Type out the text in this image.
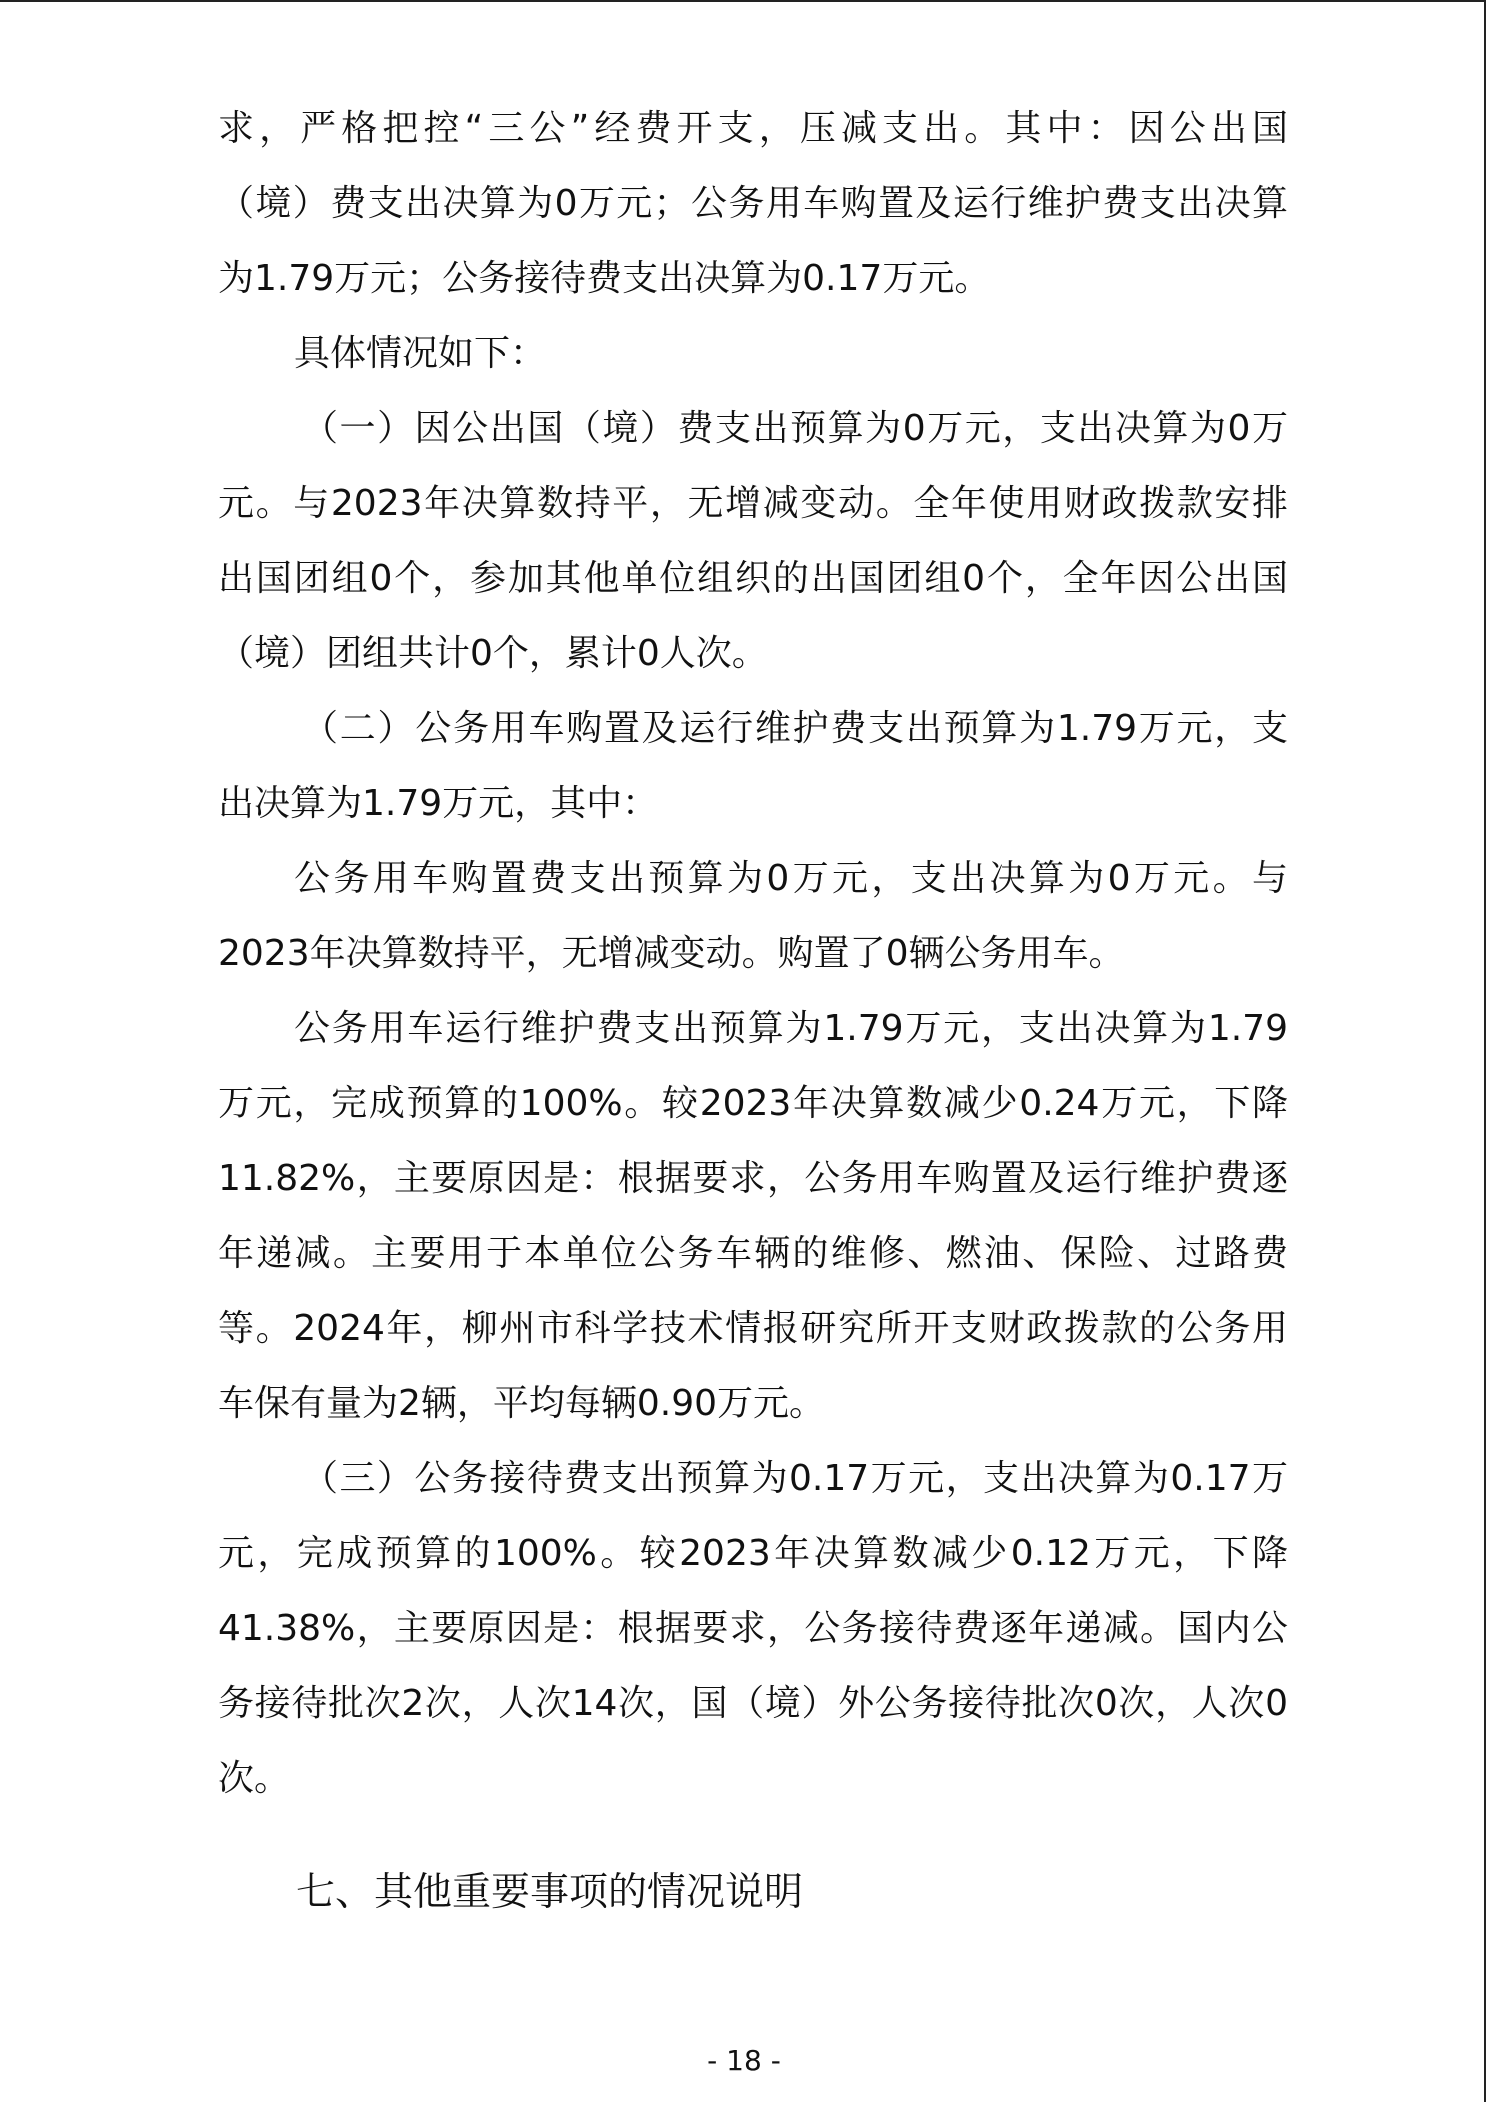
求，严格把控“三公”经费开支，压减支出。其中：因公出国
（境）费支出决算为0万元；公务用车购置及运行维护费支出决算
为1.79万元；公务接待费支出决算为0.17万元。
具体情况如下：
（一）因公出国（境）费支出预算为0万元，支出决算为0万
元。与2023年决算数持平，无增减变动。全年使用财政拨款安排
出国团组0个，参加其他单位组织的出国团组0个，全年因公出国
（境）团组共计0个，累计0人次。
（二）公务用车购置及运行维护费支出预算为1.79万元，支
出决算为1.79万元，其中：
公务用车购置费支出预算为0万元，支出决算为0万元。与
2023年决算数持平，无增减变动。购置了0辆公务用车。
公务用车运行维护费支出预算为1.79万元，支出决算为1.79
万元，完成预算的100%。较2023年决算数减少0.24万元，下降
11.82%，主要原因是：根据要求，公务用车购置及运行维护费逐
年递减。主要用于本单位公务车辆的维修、燃油、保险、过路费
等。2024年，柳州市科学技术情报研究所开支财政拨款的公务用
车保有量为2辆，平均每辆0.90万元。
（三）公务接待费支出预算为0.17万元，支出决算为0.17万
元，完成预算的100%。较2023年决算数减少0.12万元，下降
41.38%，主要原因是：根据要求，公务接待费逐年递减。国内公
务接待批次2次，人次14次，国（境）外公务接待批次0次，人次0
次。
七、其他重要事项的情况说明
- 18 -
